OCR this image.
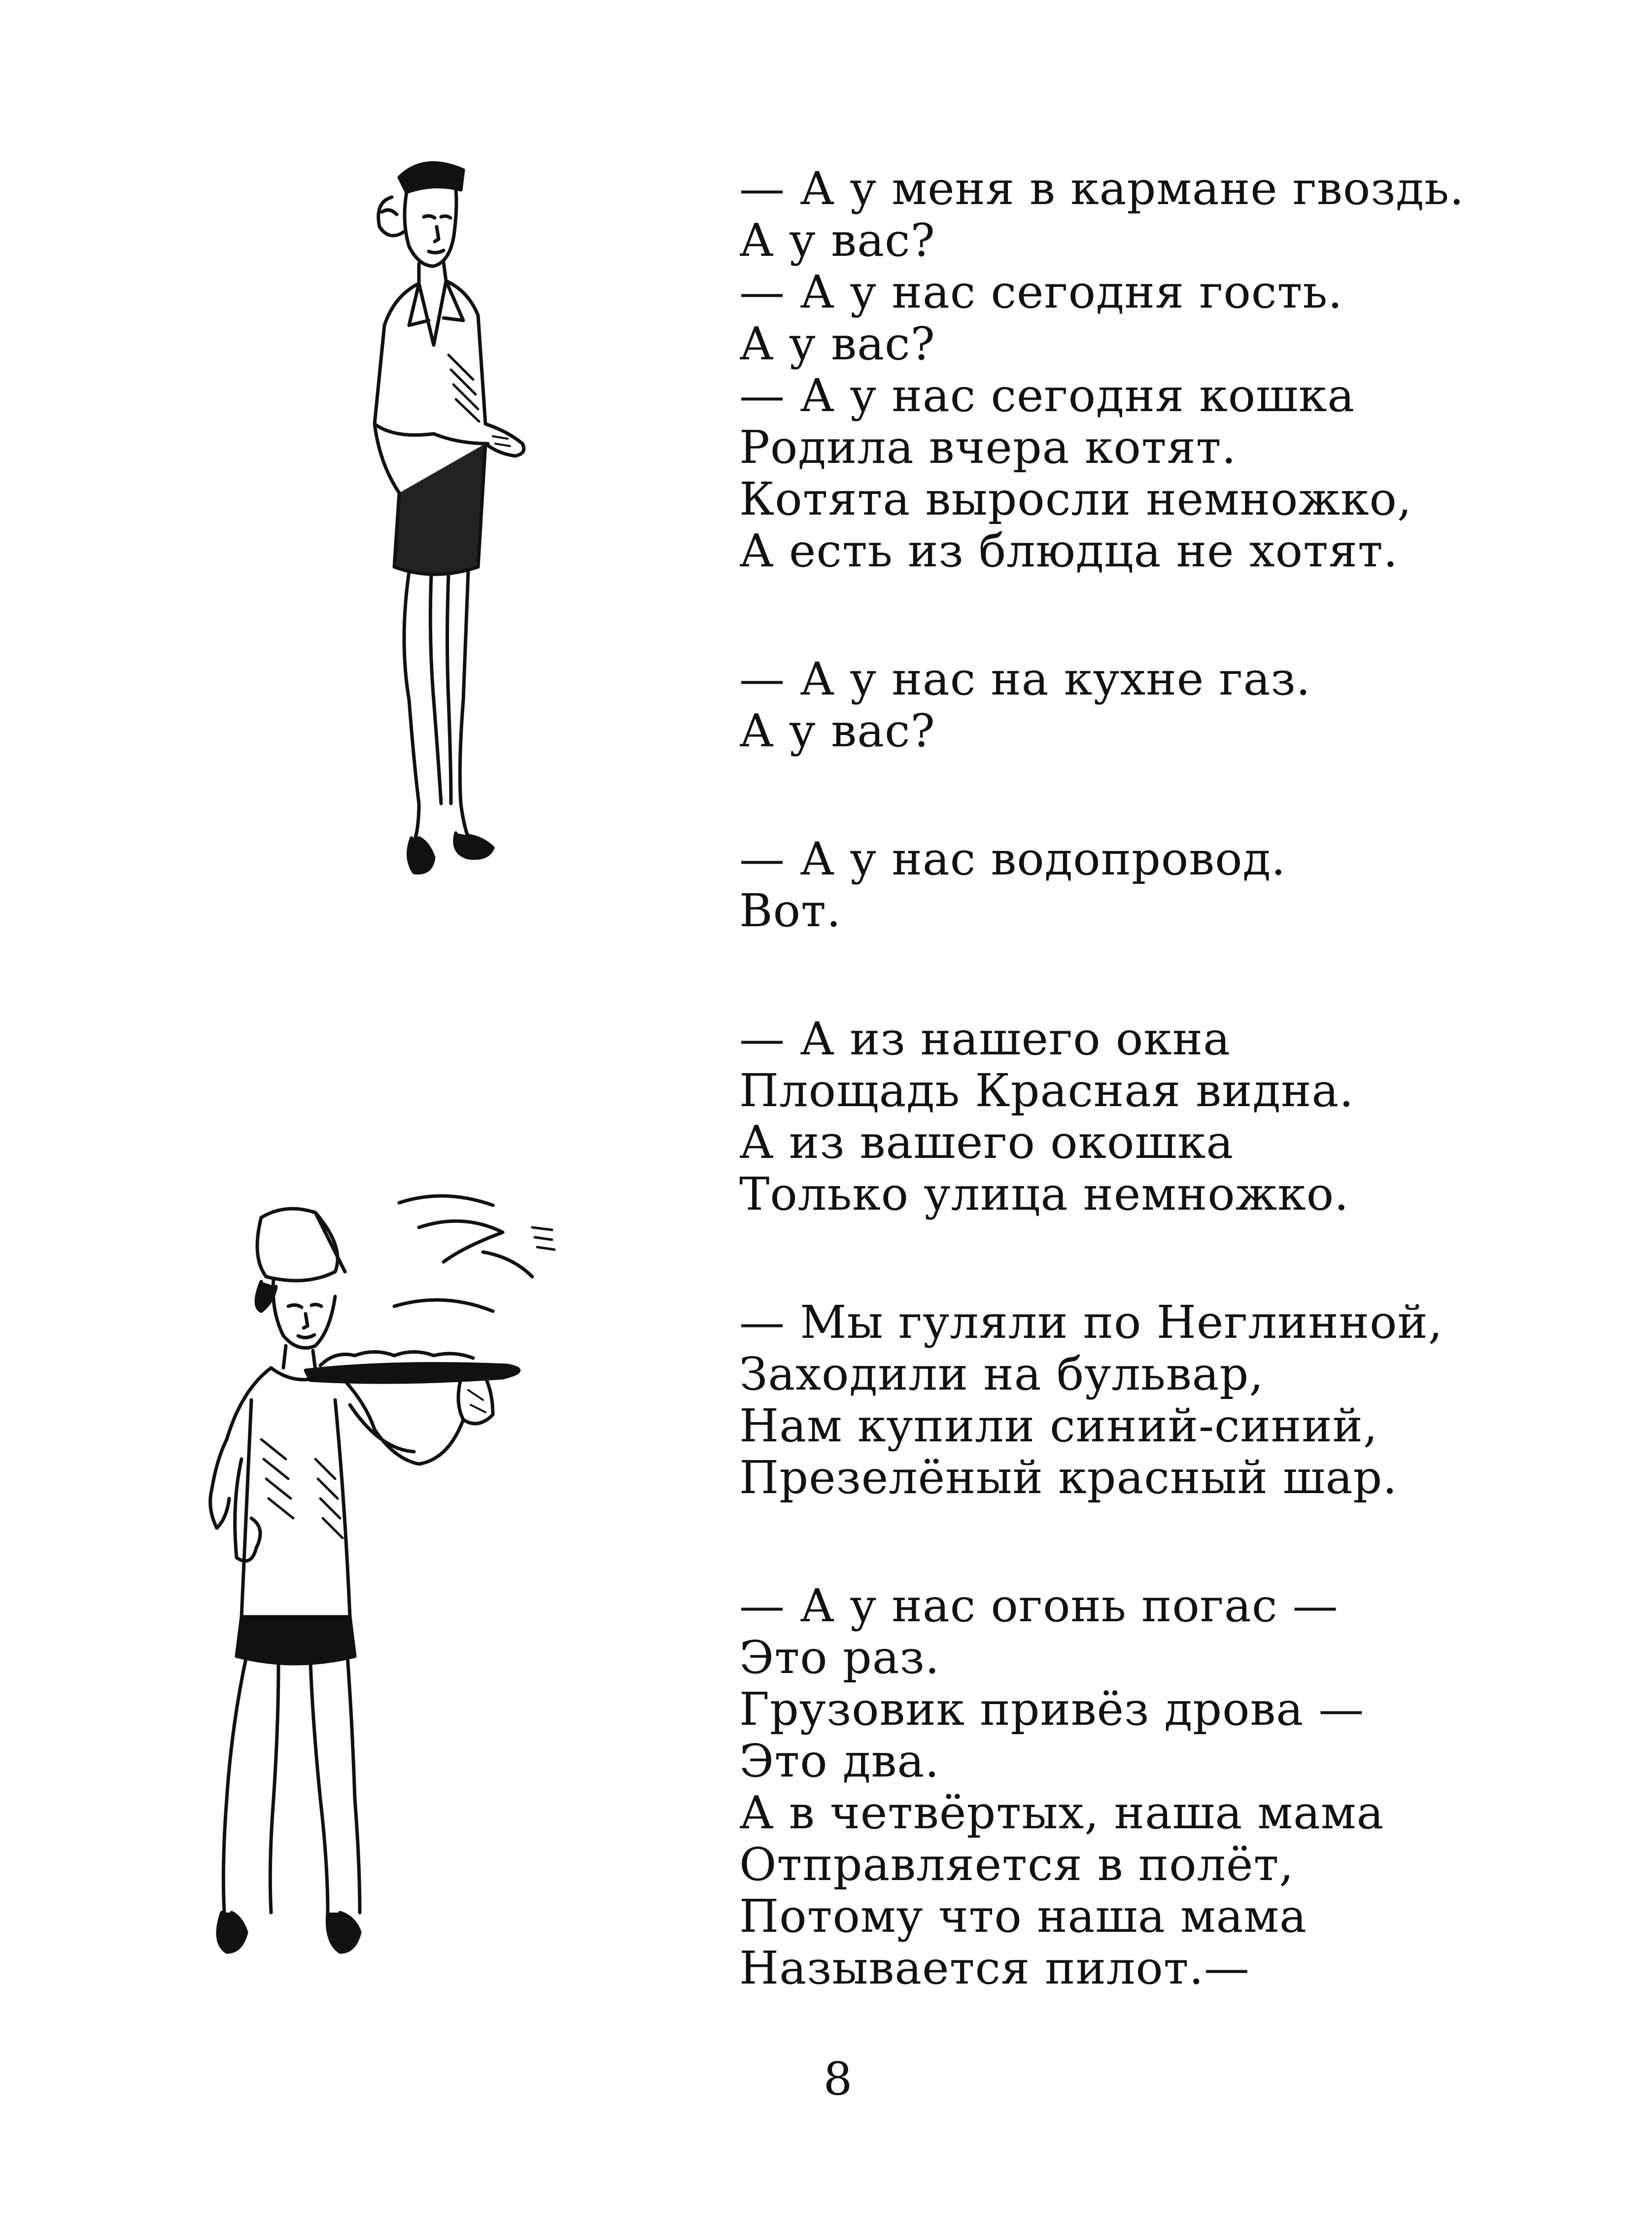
— А у меня в кармане гвоздь.
А у вас?
— А у нас сегодня гость.
А у вас?
— А у нас сегодня кошка
Родила вчера котят.
Котята выросли немножко,
А есть из блюдца не хотят.
— А у нас на кухне газ.
А у вас?
— А у нас водопровод.
Вот.
— А из нашего окна
Площадь Красная видна.
А из вашего окошка
Только улица немножко.
— Мы гуляли по Неглинной,
Заходили на бульвар,
Нам купили синий-синий,
Презелёный красный шар.
— А у нас огонь погас —
Это раз.
Грузовик привёз дрова —
Это два.
А в четвёртых, наша мама
Отправляется в полёт,
Потому что наша мама
Называется пилот.—
8
